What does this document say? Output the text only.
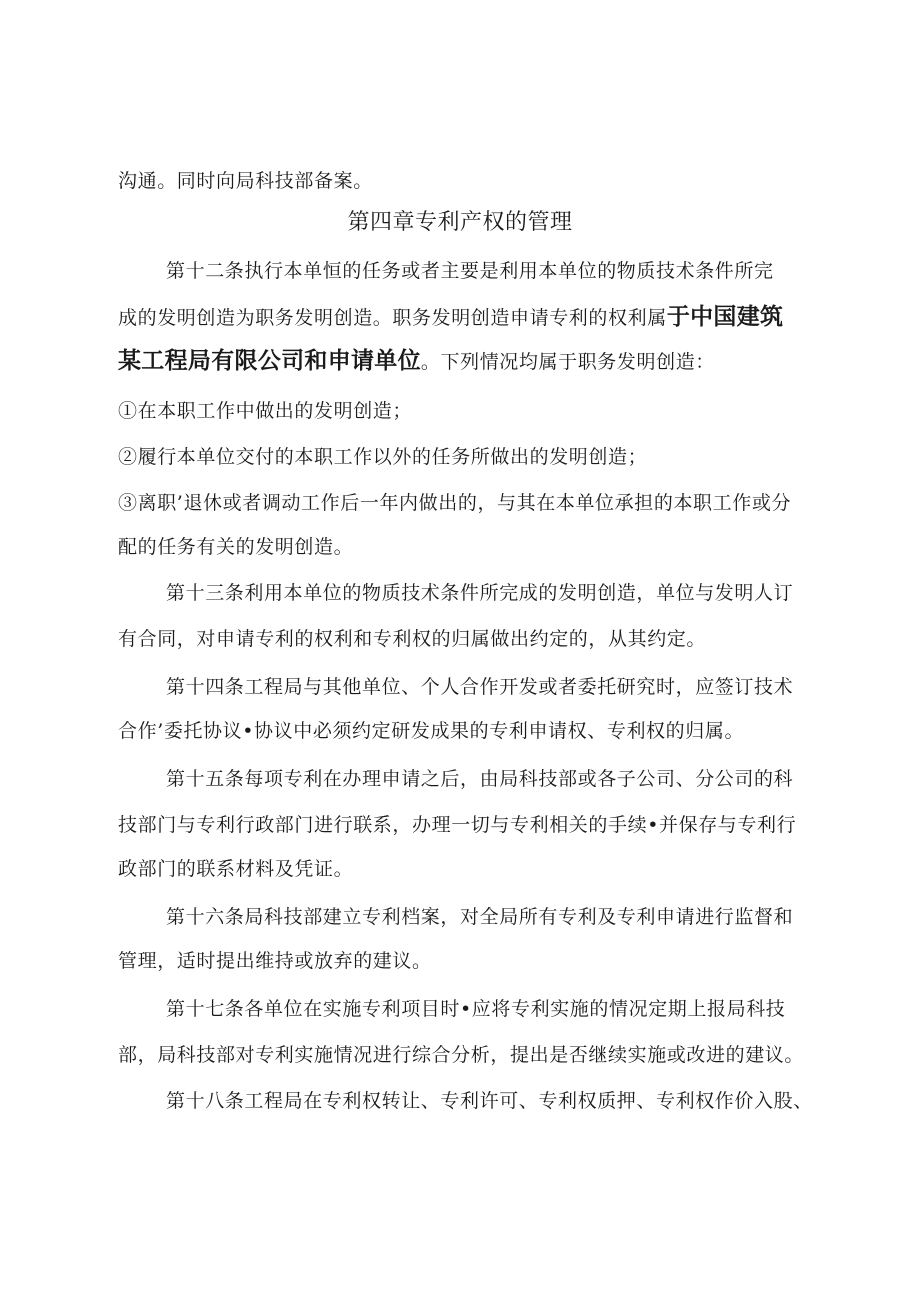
沟通。同时向局科技部备案。
第四章专利产权的管理
第十二条执行本单恒的任务或者主要是利用本单位的物质技术条件所完
成的发明创造为职务发明创造。职务发明创造申请专利的权利属于中国建筑
某工程局有限公司和申请单位。下列情况均属于职务发明创造：
①在本职工作中做出的发明创造；
②履行本单位交付的本职工作以外的任务所做出的发明创造；
③离职’退休或者调动工作后一年内做出的，与其在本单位承担的本职工作或分
配的任务有关的发明创造。
第十三条利用本单位的物质技术条件所完成的发明创造，单位与发明人订
有合同，对申请专利的权利和专利权的归属做出约定的，从其约定。
第十四条工程局与其他单位、个人合作开发或者委托研究时，应签订技术
合作’委托协议•协议中必须约定研发成果的专利申请权、专利权的归属。
第十五条每项专利在办理申请之后，由局科技部或各子公司、分公司的科
技部门与专利行政部门进行联系，办理一切与专利相关的手续•并保存与专利行
政部门的联系材料及凭证。
第十六条局科技部建立专利档案，对全局所有专利及专利申请进行监督和
管理，适时提出维持或放弃的建议。
第十七条各单位在实施专利项目时•应将专利实施的情况定期上报局科技
部，局科技部对专利实施情况进行综合分析，提出是否继续实施或改进的建议。
第十八条工程局在专利权转让、专利许可、专利权质押、专利权作价入股、
